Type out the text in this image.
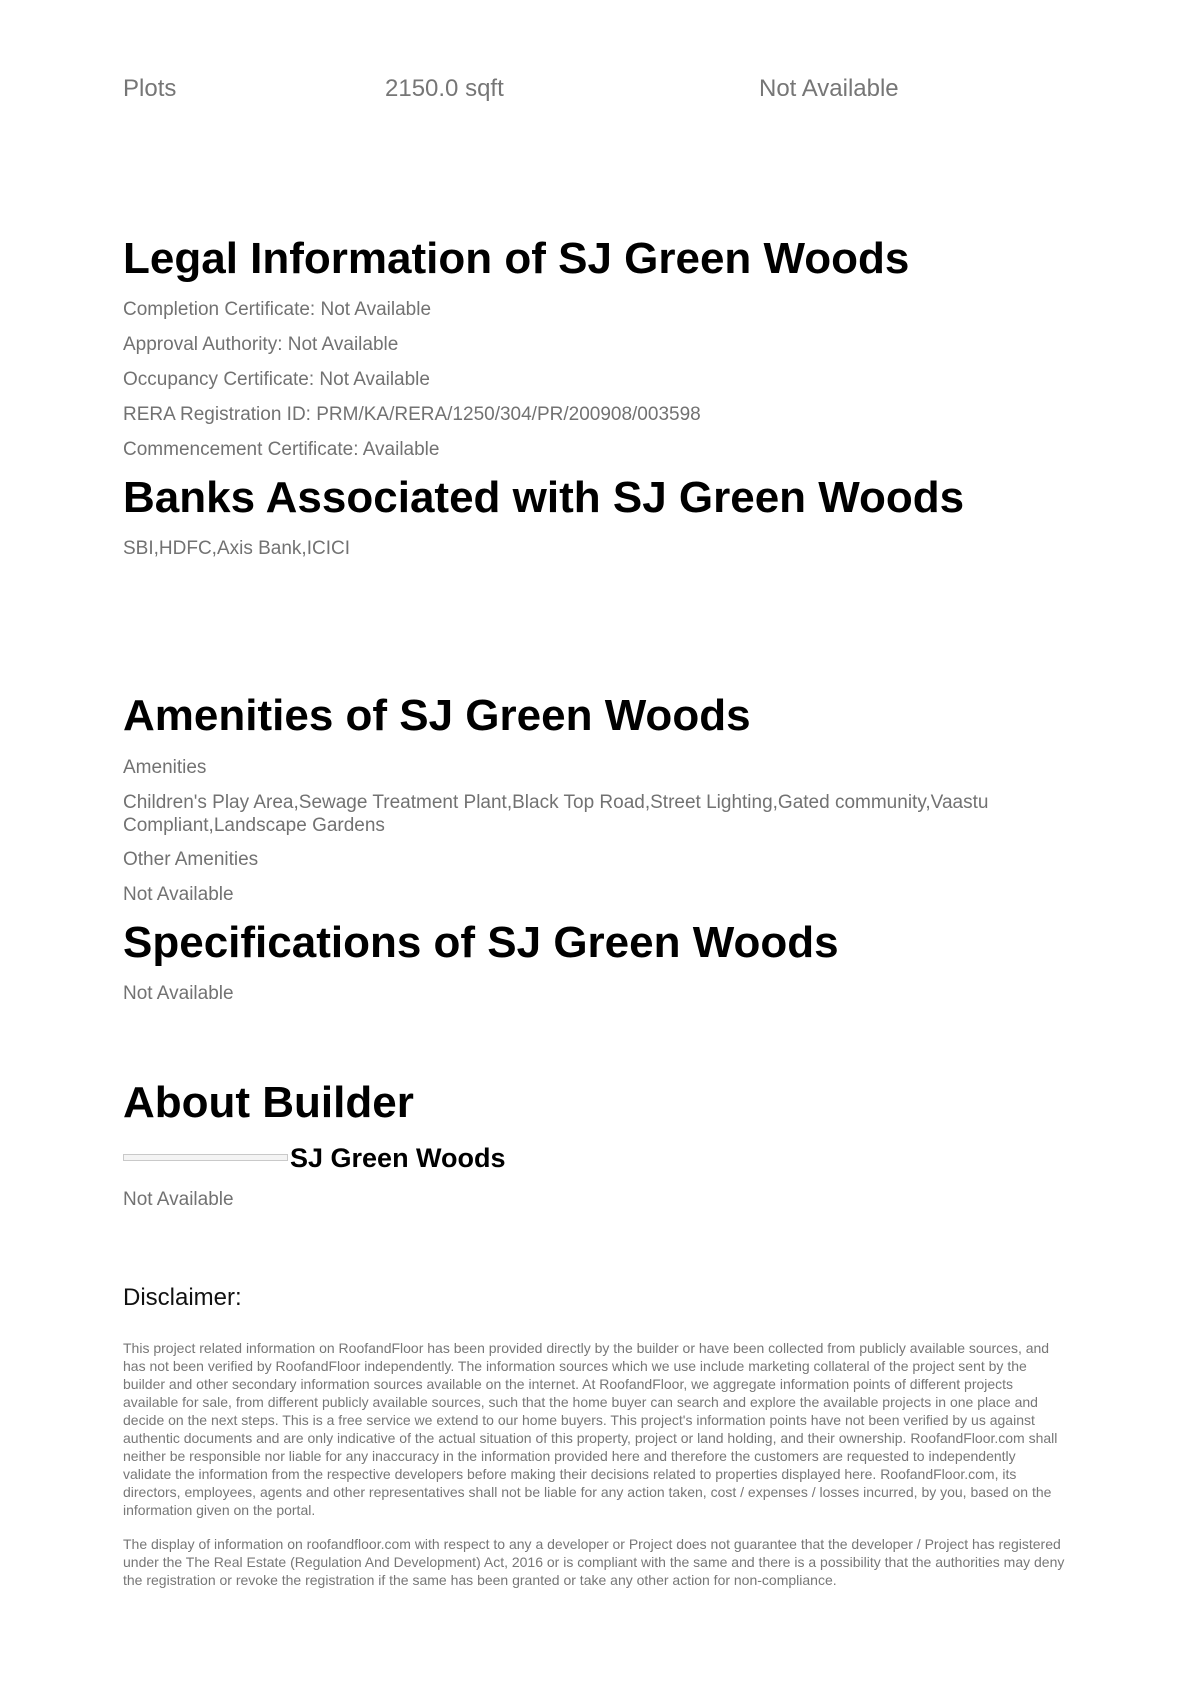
Plots	2150.0 sqft	Not Available
Legal Information of SJ Green Woods
Completion Certificate: Not Available
Approval Authority: Not Available
Occupancy Certificate: Not Available
RERA Registration ID: PRM/KA/RERA/1250/304/PR/200908/003598
Commencement Certificate: Available
Banks Associated with SJ Green Woods
SBI,HDFC,Axis Bank,ICICI
Amenities of SJ Green Woods
Amenities
Children's Play Area,Sewage Treatment Plant,Black Top Road,Street Lighting,Gated community,Vaastu Compliant,Landscape Gardens
Other Amenities
Not Available
Specifications of SJ Green Woods
Not Available
About Builder
SJ Green Woods
Not Available
Disclaimer:

This project related information on RoofandFloor has been provided directly by the builder or have been collected from publicly available sources, and has not been verified by RoofandFloor independently. The information sources which we use include marketing collateral of the project sent by the builder and other secondary information sources available on the internet. At RoofandFloor, we aggregate information points of different projects available for sale, from different publicly available sources, such that the home buyer can search and explore the available projects in one place and decide on the next steps. This is a free service we extend to our home buyers. This project's information points have not been verified by us against authentic documents and are only indicative of the actual situation of this property, project or land holding, and their ownership. RoofandFloor.com shall neither be responsible nor liable for any inaccuracy in the information provided here and therefore the customers are requested to independently validate the information from the respective developers before making their decisions related to properties displayed here. RoofandFloor.com, its directors, employees, agents and other representatives shall not be liable for any action taken, cost / expenses / losses incurred, by you, based on the information given on the portal.

The display of information on roofandfloor.com with respect to any a developer or Project does not guarantee that the developer / Project has registered under the The Real Estate (Regulation And Development) Act, 2016 or is compliant with the same and there is a possibility that the authorities may deny the registration or revoke the registration if the same has been granted or take any other action for non-compliance.
